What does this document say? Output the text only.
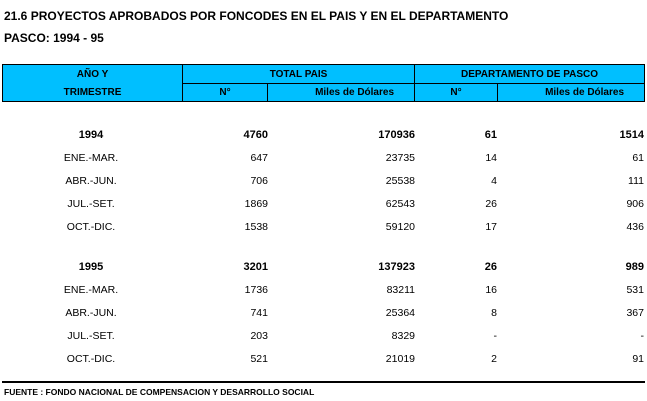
21.6 PROYECTOS APROBADOS POR FONCODES EN EL PAIS Y EN EL DEPARTAMENTO
PASCO: 1994 - 95
AÑO Y
TRIMESTRE
TOTAL PAIS	DEPARTAMENTO DE PASCO
N°	Miles de Dólares	N°	Miles de Dólares
1994	4760	170936	61	1514
ENE.-MAR.	647	23735	14	61
ABR.-JUN.	706	25538	4	111
JUL.-SET.	1869	62543	26	906
OCT.-DIC.	1538	59120	17	436
1995	3201	137923	26	989
ENE.-MAR.	1736	83211	16	531
ABR.-JUN.	741	25364	8	367
JUL.-SET.	203	8329	-	-
OCT.-DIC.	521	21019	2	91
FUENTE : FONDO NACIONAL DE COMPENSACION Y DESARROLLO SOCIAL
